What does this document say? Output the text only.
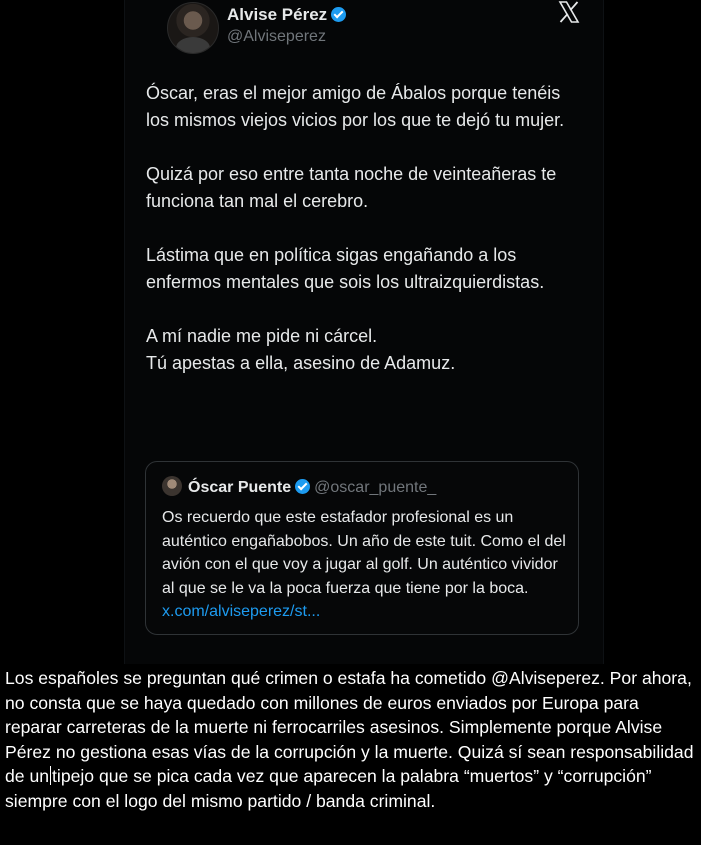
Alvise Pérez
@Alviseperez

Óscar, eras el mejor amigo de Ábalos porque tenéis los mismos viejos vicios por los que te dejó tu mujer.

Quizá por eso entre tanta noche de veinteañeras te funciona tan mal el cerebro.

Lástima que en política sigas engañando a los enfermos mentales que sois los ultraizquierdistas.

A mí nadie me pide ni cárcel.
Tú apestas a ella, asesino de Adamuz.

Óscar Puente @oscar_puente_
Os recuerdo que este estafador profesional es un auténtico engañabobos. Un año de este tuit. Como el del avión con el que voy a jugar al golf. Un auténtico vividor al que se le va la poca fuerza que tiene por la boca. x.com/alviseperez/st...
Los españoles se preguntan qué crimen o estafa ha cometido @Alviseperez. Por ahora, no consta que se haya quedado con millones de euros enviados por Europa para reparar carreteras de la muerte ni ferrocarriles asesinos. Simplemente porque Alvise Pérez no gestiona esas vías de la corrupción y la muerte. Quizá sí sean responsabilidad de un tipejo que se pica cada vez que aparecen la palabra “muertos” y “corrupción” siempre con el logo del mismo partido / banda criminal.
